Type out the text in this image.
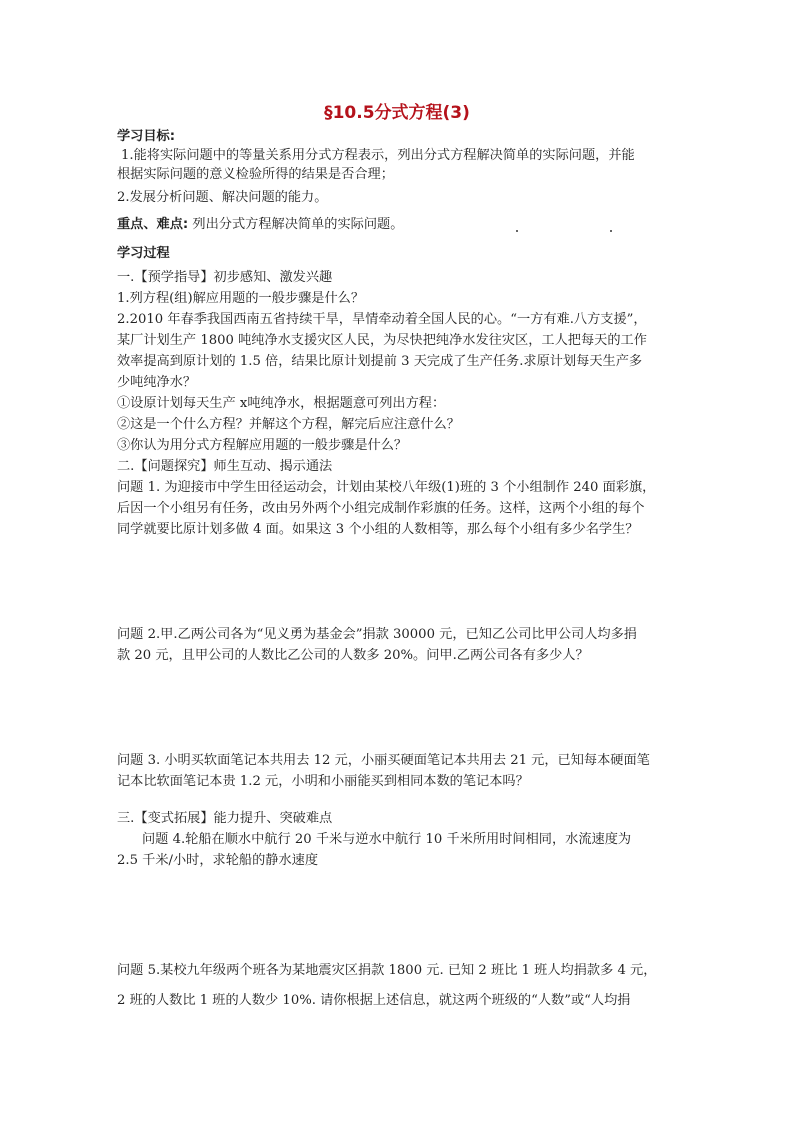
§10.5分式方程(3)
学习目标:
1.能将实际问题中的等量关系用分式方程表示，列出分式方程解决简单的实际问题，并能
根据实际问题的意义检验所得的结果是否合理；
2.发展分析问题、解决问题的能力。
重点、难点: 列出分式方程解决简单的实际问题。
学习过程
一.【预学指导】初步感知、激发兴趣
1.列方程(组)解应用题的一般步骤是什么？
2.2010 年春季我国西南五省持续干旱，旱情牵动着全国人民的心。“一方有难.八方支援”，
某厂计划生产 1800 吨纯净水支援灾区人民，为尽快把纯净水发往灾区，工人把每天的工作
效率提高到原计划的 1.5 倍，结果比原计划提前 3 天完成了生产任务.求原计划每天生产多
少吨纯净水？
①设原计划每天生产 x吨纯净水，根据题意可列出方程：
②这是一个什么方程？并解这个方程，解完后应注意什么？
③你认为用分式方程解应用题的一般步骤是什么？
二.【问题探究】师生互动、揭示通法
问题 1. 为迎接市中学生田径运动会，计划由某校八年级(1)班的 3 个小组制作 240 面彩旗，
后因一个小组另有任务，改由另外两个小组完成制作彩旗的任务。这样，这两个小组的每个
同学就要比原计划多做 4 面。如果这 3 个小组的人数相等，那么每个小组有多少名学生？
问题 2.甲.乙两公司各为“见义勇为基金会”捐款 30000 元，已知乙公司比甲公司人均多捐
款 20 元，且甲公司的人数比乙公司的人数多 20%。问甲.乙两公司各有多少人？
问题 3. 小明买软面笔记本共用去 12 元，小丽买硬面笔记本共用去 21 元，已知每本硬面笔
记本比软面笔记本贵 1.2 元，小明和小丽能买到相同本数的笔记本吗？
三.【变式拓展】能力提升、突破难点
问题 4.轮船在顺水中航行 20 千米与逆水中航行 10 千米所用时间相同，水流速度为
2.5 千米/小时，求轮船的静水速度
问题 5.某校九年级两个班各为某地震灾区捐款 1800 元. 已知 2 班比 1 班人均捐款多 4 元，
2 班的人数比 1 班的人数少 10%. 请你根据上述信息，就这两个班级的“人数”或“人均捐
